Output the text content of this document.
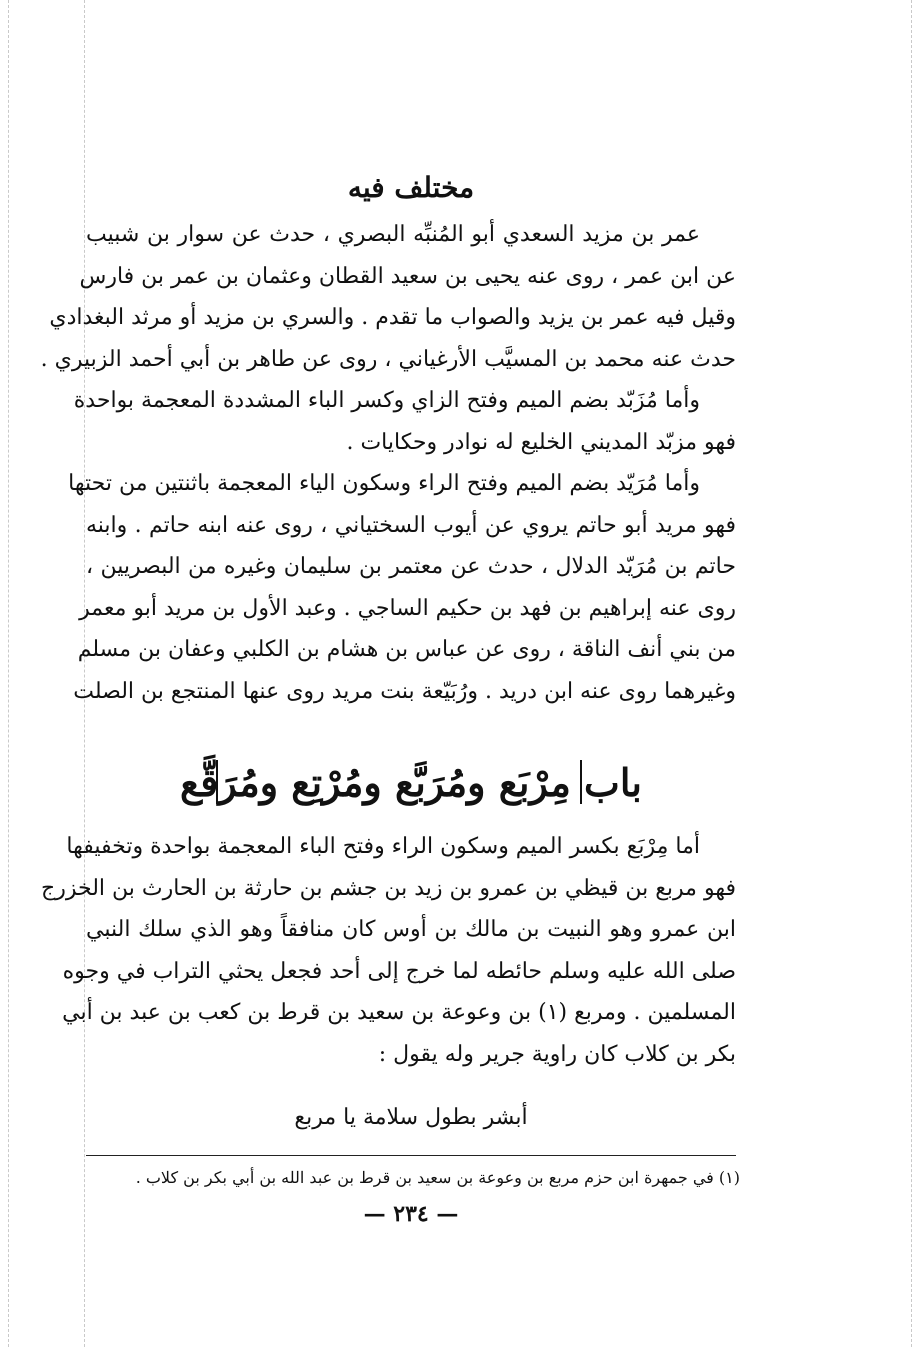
مختلف فيه
عمر بن مزيد السعدي أبو المُنبِّه البصري ، حدث عن سوار بن شبيب
عن ابن عمر ، روى عنه يحيى بن سعيد القطان وعثمان بن عمر بن فارس
وقيل فيه عمر بن يزيد والصواب ما تقدم . والسري بن مزيد أو مرثد البغدادي
حدث عنه محمد بن المسيَّب الأرغياني ، روى عن طاهر بن أبي أحمد الزبيري .
وأما مُزَبّد بضم الميم وفتح الزاي وكسر الباء المشددة المعجمة بواحدة
فهو مزبّد المديني الخليع له نوادر وحكايات .
وأما مُرَيّد بضم الميم وفتح الراء وسكون الياء المعجمة باثنتين من تحتها
فهو مريد أبو حاتم يروي عن أيوب السختياني ، روى عنه ابنه حاتم . وابنه
حاتم بن مُرَيّد الدلال ، حدث عن معتمر بن سليمان وغيره من البصريين ،
روى عنه إبراهيم بن فهد بن حكيم الساجي . وعبد الأول بن مريد أبو معمر
من بني أنف الناقة ، روى عن عباس بن هشام بن الكلبي وعفان بن مسلم
وغيرهما روى عنه ابن دريد . ورُبَيّعة بنت مريد روى عنها المنتجع بن الصلت
باب مِرْبَع ومُرَبَّع ومُرْتِع ومُرَقَّع
أما مِرْبَع بكسر الميم وسكون الراء وفتح الباء المعجمة بواحدة وتخفيفها
فهو مربع بن قيظي بن عمرو بن زيد بن جشم بن حارثة بن الحارث بن الخزرج
ابن عمرو وهو النبيت بن مالك بن أوس كان منافقاً وهو الذي سلك النبي
صلى الله عليه وسلم حائطه لما خرج إلى أحد فجعل يحثي التراب في وجوه
المسلمين . ومربع (١) بن وعوعة بن سعيد بن قرط بن كعب بن عبد بن أبي
بكر بن كلاب كان راوية جرير وله يقول :
أبشر بطول سلامة يا مربع
(١) في جمهرة ابن حزم مربع بن وعوعة بن سعيد بن قرط بن عبد الله بن أبي بكر بن كلاب .
— ٢٣٤ —
